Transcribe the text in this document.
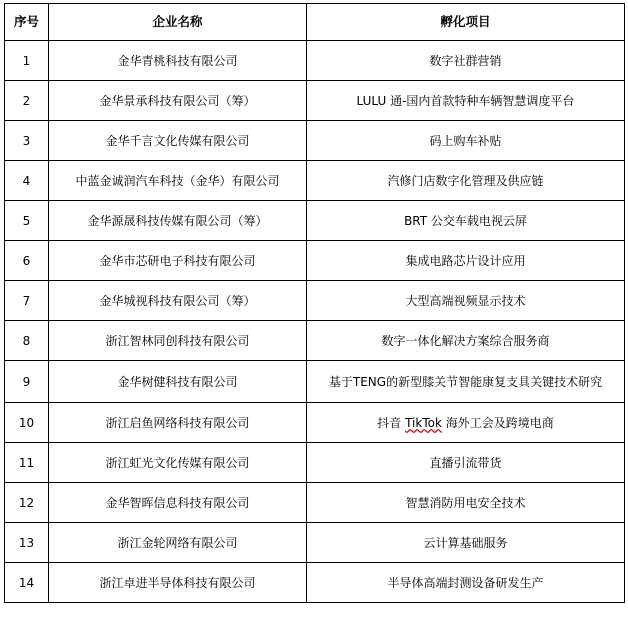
序号	企业名称	孵化项目
1	金华青桃科技有限公司	数字社群营销
2	金华景承科技有限公司（筹）	LULU 通-国内首款特种车辆智慧调度平台
3	金华千言文化传媒有限公司	码上购车补贴
4	中蓝金诚润汽车科技（金华）有限公司	汽修门店数字化管理及供应链
5	金华源晟科技传媒有限公司（筹）	BRT 公交车载电视云屏
6	金华市芯研电子科技有限公司	集成电路芯片设计应用
7	金华城视科技有限公司（筹）	大型高端视频显示技术
8	浙江智林同创科技有限公司	数字一体化解决方案综合服务商
9	金华树健科技有限公司	基于TENG的新型膝关节智能康复支具关键技术研究
10	浙江启鱼网络科技有限公司	抖音 TikTok 海外工会及跨境电商
11	浙江虹光文化传媒有限公司	直播引流带货
12	金华智晖信息科技有限公司	智慧消防用电安全技术
13	浙江金轮网络有限公司	云计算基础服务
14	浙江卓进半导体科技有限公司	半导体高端封测设备研发生产
